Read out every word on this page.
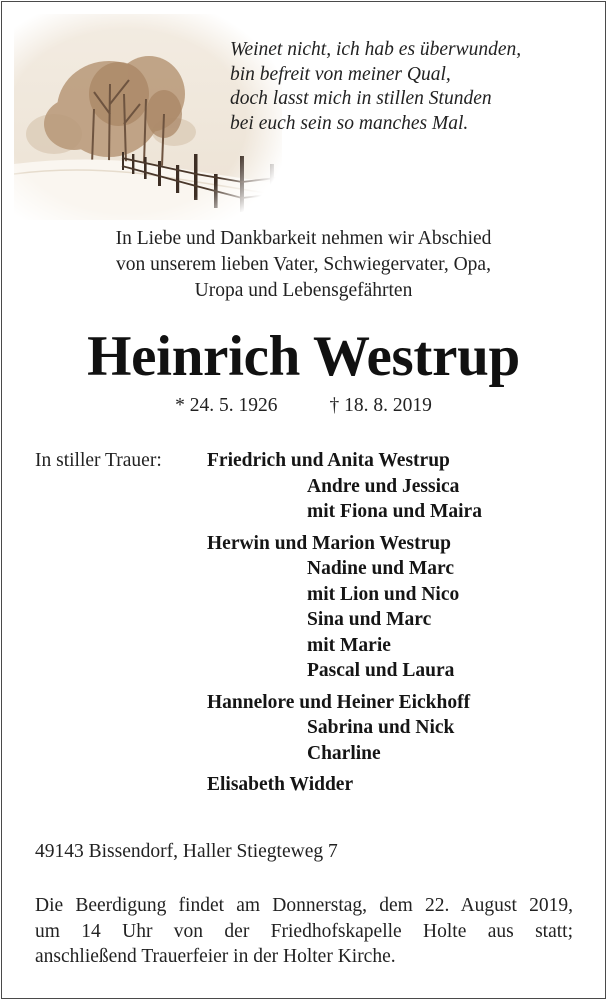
Weinet nicht, ich hab es überwunden,
bin befreit von meiner Qual,
doch lasst mich in stillen Stunden
bei euch sein so manches Mal.
In Liebe und Dankbarkeit nehmen wir Abschied
von unserem lieben Vater, Schwiegervater, Opa,
Uropa und Lebensgefährten
Heinrich Westrup
* 24. 5. 1926	† 18. 8. 2019
In stiller Trauer: Friedrich und Anita Westrup
Andre und Jessica
mit Fiona und Maira
Herwin und Marion Westrup
Nadine und Marc
mit Lion und Nico
Sina und Marc
mit Marie
Pascal und Laura
Hannelore und Heiner Eickhoff
Sabrina und Nick
Charline
Elisabeth Widder
49143 Bissendorf, Haller Stiegteweg 7
Die Beerdigung findet am Donnerstag, dem 22. August 2019,
um 14 Uhr von der Friedhofskapelle Holte aus statt;
anschließend Trauerfeier in der Holter Kirche.
